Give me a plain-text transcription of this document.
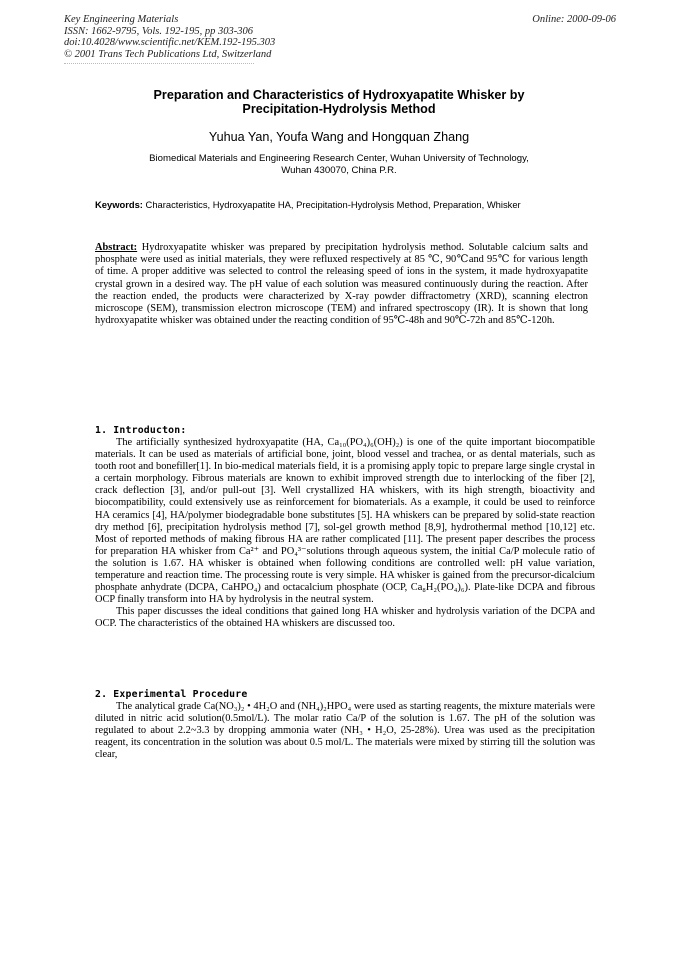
Key Engineering Materials
ISSN: 1662-9795, Vols. 192-195, pp 303-306
doi:10.4028/www.scientific.net/KEM.192-195.303
© 2001 Trans Tech Publications Ltd, Switzerland
Online: 2000-09-06
Preparation and Characteristics of Hydroxyapatite Whisker by
Precipitation-Hydrolysis Method
Yuhua Yan, Youfa Wang and Hongquan Zhang
Biomedical Materials and Engineering Research Center, Wuhan University of Technology,
Wuhan 430070, China P.R.
Keywords: Characteristics, Hydroxyapatite HA, Precipitation-Hydrolysis Method, Preparation, Whisker
Abstract: Hydroxyapatite whisker was prepared by precipitation hydrolysis method. Solutable calcium salts and phosphate were used as initial materials, they were refluxed respectively at 85 ℃, 90℃and 95℃ for various length of time. A proper additive was selected to control the releasing speed of ions in the system, it made hydroxyapatite crystal grown in a desired way. The pH value of each solution was measured continuously during the reaction. After the reaction ended, the products were characterized by X-ray powder diffractometry (XRD), scanning electron microscope (SEM), transmission electron microscope (TEM) and infrared spectroscopy (IR). It is shown that long hydroxyapatite whisker was obtained under the reacting condition of 95℃-48h and 90℃-72h and 85℃-120h.
1. Introducton:

The artificially synthesized hydroxyapatite (HA, Ca₁₀(PO₄)₆(OH)₂) is one of the quite important biocompatible materials. It can be used as materials of artificial bone, joint, blood vessel and trachea, or as dental materials, such as tooth root and bonefiller[1]. In bio-medical materials field, it is a promising apply topic to prepare large single crystal in a certain morphology. Fibrous materials are known to exhibit improved strength due to interlocking of the fiber [2], crack deflection [3], and/or pull-out [3]. Well crystallized HA whiskers, with its high strength, bioactivity and biocompatibility, could extensively use as reinforcement for biomaterials. As a example, it could be used to reinforce HA ceramics [4], HA/polymer biodegradable bone substitutes [5]. HA whiskers can be prepared by solid-state reaction dry method [6], precipitation hydrolysis method [7], sol-gel growth method [8,9], hydrothermal method [10,12] etc. Most of reported methods of making fibrous HA are rather complicated [11]. The present paper describes the process for preparation HA whisker from Ca²⁺ and PO₄³⁻solutions through aqueous system, the initial Ca/P molecule ratio of the solution is 1.67. HA whisker is obtained when following conditions are controlled well: pH value variation, temperature and reaction time. The processing route is very simple. HA whisker is gained from the precursor-dicalcium phosphate anhydrate (DCPA, CaHPO₄) and octacalcium phosphate (OCP, Ca₈H₂(PO₄)₆). Plate-like DCPA and fibrous OCP finally transform into HA by hydrolysis in the neutral system.

This paper discusses the ideal conditions that gained long HA whisker and hydrolysis variation of the DCPA and OCP. The characteristics of the obtained HA whiskers are discussed too.

2. Experimental Procedure

The analytical grade Ca(NO₃)₂ • 4H₂O and (NH₄)₂HPO₄ were used as starting reagents, the mixture materials were diluted in nitric acid solution(0.5mol/L). The molar ratio Ca/P of the solution is 1.67. The pH of the solution was regulated to about 2.2~3.3 by dropping ammonia water (NH₃ • H₂O, 25-28%). Urea was used as the precipitation reagent, its concentration in the solution was about 0.5 mol/L. The materials were mixed by stirring till the solution was clear,
